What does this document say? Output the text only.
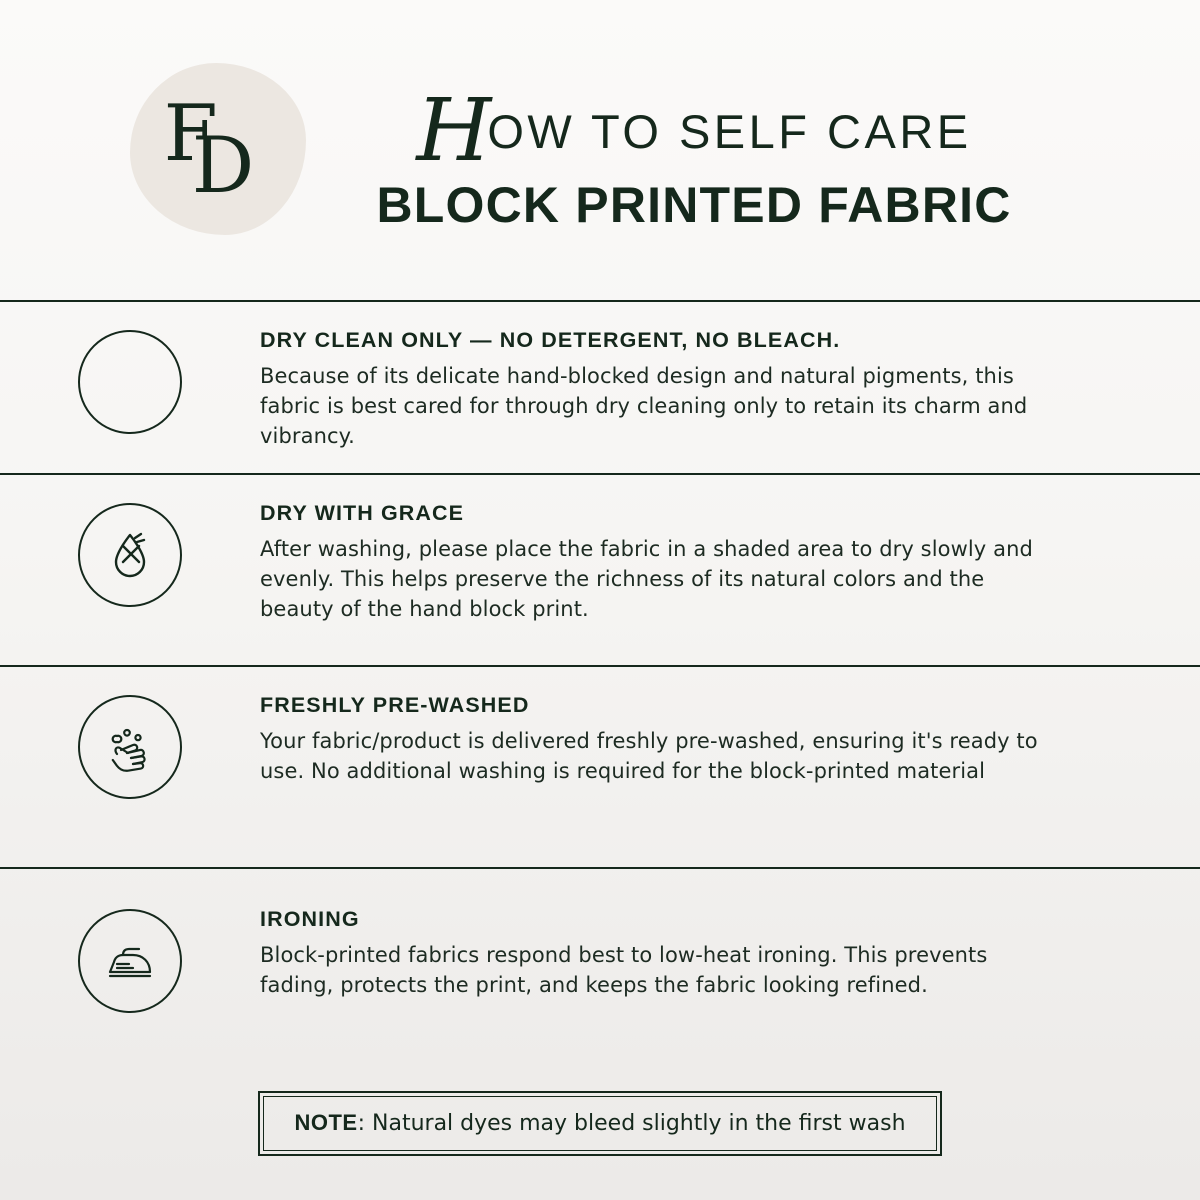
FD	HOW TO SELF CARE
BLOCK PRINTED FABRIC
DRY CLEAN ONLY — NO DETERGENT, NO BLEACH.
Because of its delicate hand-blocked design and natural pigments, this fabric is best cared for through dry cleaning only to retain its charm and vibrancy.
DRY WITH GRACE
After washing, please place the fabric in a shaded area to dry slowly and evenly. This helps preserve the richness of its natural colors and the beauty of the hand block print.
FRESHLY PRE-WASHED
Your fabric/product is delivered freshly pre-washed, ensuring it's ready to use. No additional washing is required for the block-printed material
IRONING
Block-printed fabrics respond best to low-heat ironing. This prevents fading, protects the print, and keeps the fabric looking refined.
NOTE: Natural dyes may bleed slightly in the first wash
